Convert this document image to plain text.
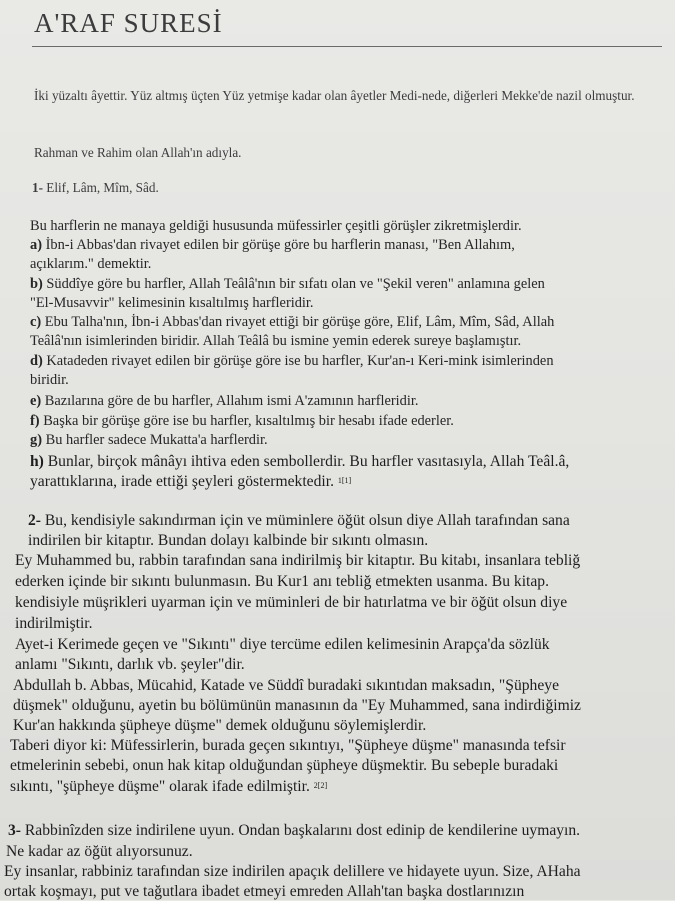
A'RAF SURESİ
İki yüzaltı âyettir. Yüz altmış üçten Yüz yetmişe kadar olan âyetler Medi-nede, diğerleri Mekke'de nazil olmuştur.
Rahman ve Rahim olan Allah'ın adıyla.
1- Elif, Lâm, Mîm, Sâd.
Bu harflerin ne manaya geldiği hususunda müfessirler çeşitli görüşler zikretmişlerdir.
a) İbn-i Abbas'dan rivayet edilen bir görüşe göre bu harflerin manası, "Ben Allahım,
açıklarım." demektir.
b) Süddîye göre bu harfler, Allah Teâlâ'nın bir sıfatı olan ve "Şekil veren" anlamına gelen
"El-Musavvir" kelimesinin kısaltılmış harfleridir.
c) Ebu Talha'nın, İbn-i Abbas'dan rivayet ettiği bir görüşe göre, Elif, Lâm, Mîm, Sâd, Allah
Teâlâ'nın isimlerinden biridir. Allah Teâlâ bu ismine yemin ederek sureye başlamıştır.
d) Katadeden rivayet edilen bir görüşe göre ise bu harfler, Kur'an-ı Keri-mink isimlerinden
biridir.
e) Bazılarına göre de bu harfler, Allahım ismi A'zamının harfleridir.
f) Başka bir görüşe göre ise bu harfler, kısaltılmış bir hesabı ifade ederler.
g) Bu harfler sadece Mukatta'a harflerdir.
h) Bunlar, birçok mânâyı ihtiva eden sembollerdir. Bu harfler vasıtasıyla, Allah Teâl.â,
yarattıklarına, irade ettiği şeyleri göstermektedir. $^{1[1]}$
2- Bu, kendisiyle sakındırman için ve müminlere öğüt olsun diye Allah tarafından sana
indirilen bir kitaptır. Bundan dolayı kalbinde bir sıkıntı olmasın.
Ey Muhammed bu, rabbin tarafından sana indirilmiş bir kitaptır. Bu kitabı, insanlara tebliğ
ederken içinde bir sıkıntı bulunmasın. Bu Kur1 anı tebliğ etmekten usanma. Bu kitap.
kendisiyle müşrikleri uyarman için ve müminleri de bir hatırlatma ve bir öğüt olsun diye
indirilmiştir.
Ayet-i Kerimede geçen ve "Sıkıntı" diye tercüme edilen kelimesinin Arapça'da sözlük
anlamı "Sıkıntı, darlık vb. şeyler"dir.
Abdullah b. Abbas, Mücahid, Katade ve Süddî buradaki sıkıntıdan maksadın, "Şüpheye
düşmek" olduğunu, ayetin bu bölümünün manasının da "Ey Muhammed, sana indirdiğimiz
Kur'an hakkında şüpheye düşme" demek olduğunu söylemişlerdir.
Taberi diyor ki: Müfessirlerin, burada geçen sıkıntıyı, "Şüpheye düşme" manasında tefsir
etmelerinin sebebi, onun hak kitap olduğundan şüpheye düşmektir. Bu sebeple buradaki
sıkıntı, "şüpheye düşme" olarak ifade edilmiştir. $^{2[2]}$
3- Rabbinîzden size indirilene uyun. Ondan başkalarını dost edinip de kendilerine uymayın.
Ne kadar az öğüt alıyorsunuz.
Ey insanlar, rabbiniz tarafından size indirilen apaçık delillere ve hidayete uyun. Size, AHaha
ortak koşmayı, put ve tağutlara ibadet etmeyi emreden Allah'tan başka dostlarınızın
